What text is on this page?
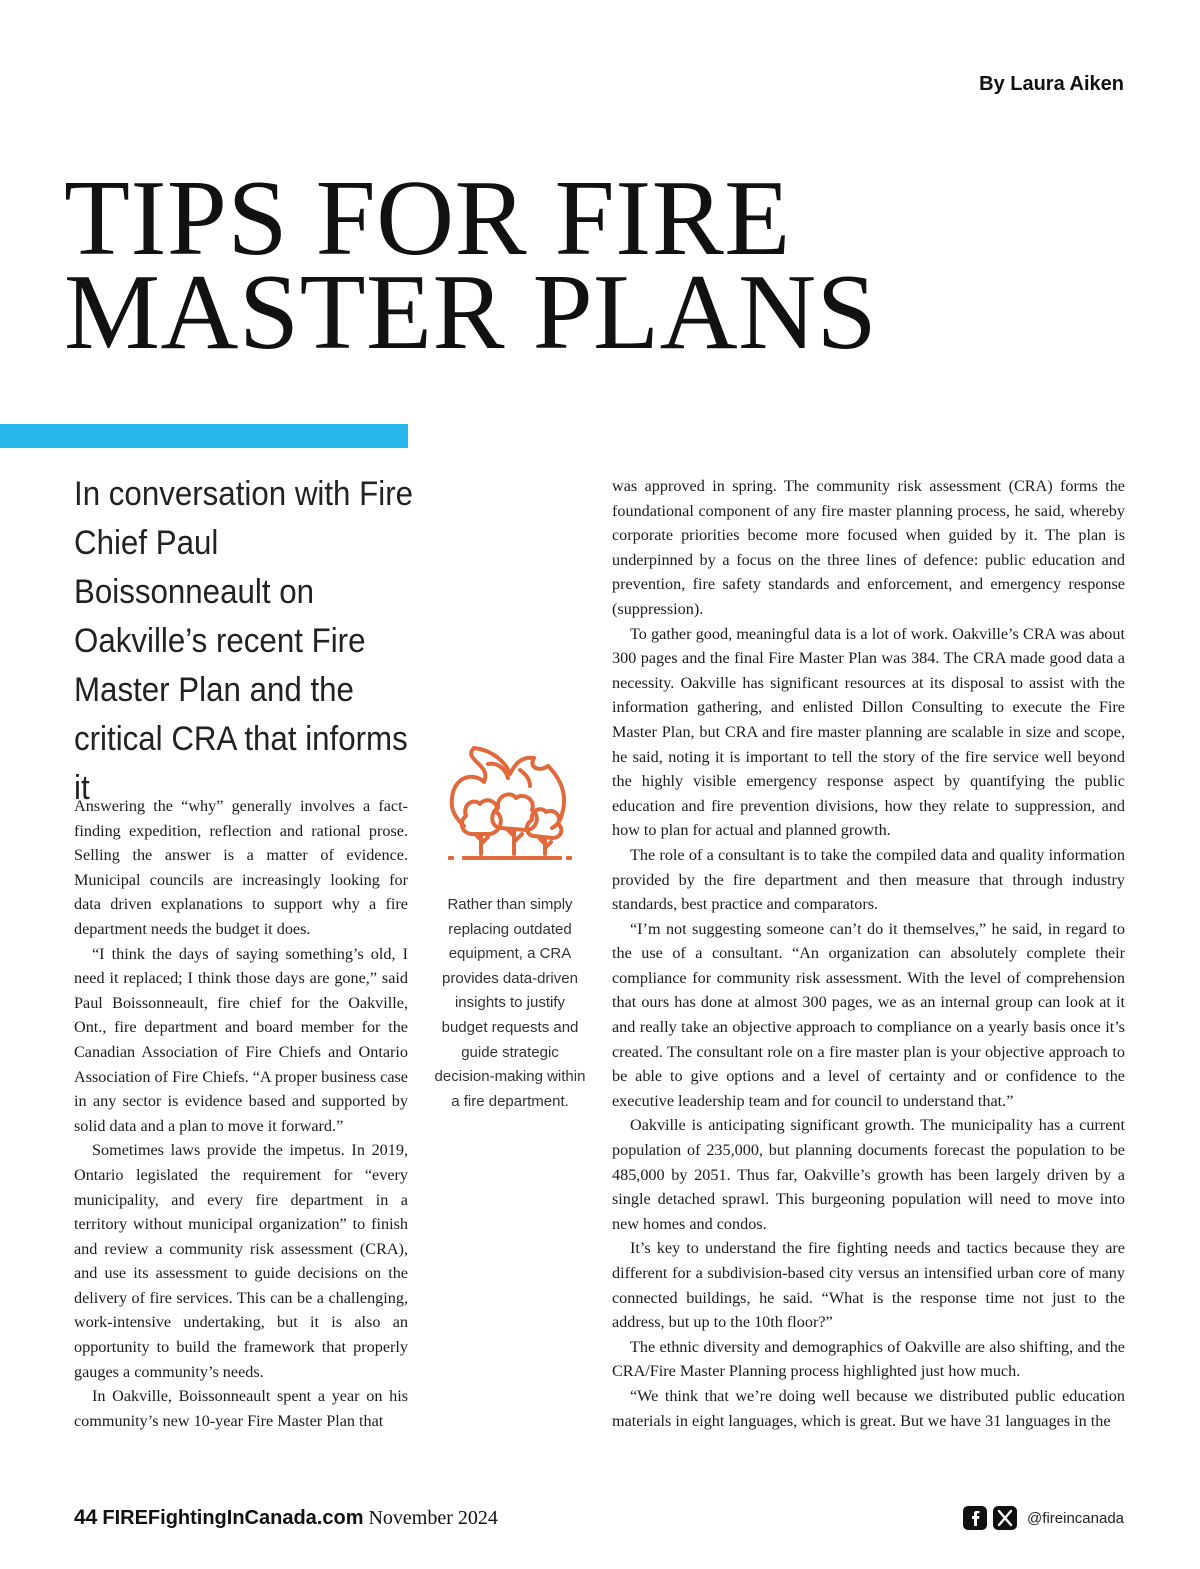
By Laura Aiken
TIPS FOR FIRE
MASTER PLANS
In conversation with Fire Chief Paul Boissonneault on Oakville’s recent Fire Master Plan and the critical CRA that informs it

Answering the “why” generally involves a fact-finding expedition, reflection and rational prose. Selling the answer is a matter of evidence. Municipal councils are increasingly looking for data driven explanations to support why a fire department needs the budget it does.

“I think the days of saying something’s old, I need it replaced; I think those days are gone,” said Paul Boissonneault, fire chief for the Oakville, Ont., fire department and board member for the Canadian Association of Fire Chiefs and Ontario Association of Fire Chiefs. “A proper business case in any sector is evidence based and supported by solid data and a plan to move it forward.”

Sometimes laws provide the impetus. In 2019, Ontario legislated the requirement for “every municipality, and every fire department in a territory without municipal organization” to finish and review a community risk assessment (CRA), and use its assessment to guide decisions on the delivery of fire services. This can be a challenging, work-intensive undertaking, but it is also an opportunity to build the framework that properly gauges a community’s needs.

In Oakville, Boissonneault spent a year on his community’s new 10-year Fire Master Plan that

Rather than simply replacing outdated equipment, a CRA provides data-driven insights to justify budget requests and guide strategic decision-making within a fire department.

was approved in spring. The community risk assessment (CRA) forms the foundational component of any fire master planning process, he said, whereby corporate priorities become more focused when guided by it. The plan is underpinned by a focus on the three lines of defence: public education and prevention, fire safety standards and enforcement, and emergency response (suppression).

To gather good, meaningful data is a lot of work. Oakville’s CRA was about 300 pages and the final Fire Master Plan was 384. The CRA made good data a necessity. Oakville has significant resources at its disposal to assist with the information gathering, and enlisted Dillon Consulting to execute the Fire Master Plan, but CRA and fire master planning are scalable in size and scope, he said, noting it is important to tell the story of the fire service well beyond the highly visible emergency response aspect by quantifying the public education and fire prevention divisions, how they relate to suppression, and how to plan for actual and planned growth.

The role of a consultant is to take the compiled data and quality information provided by the fire department and then measure that through industry standards, best practice and comparators.

“I’m not suggesting someone can’t do it themselves,” he said, in regard to the use of a consultant. “An organization can absolutely complete their compliance for community risk assessment. With the level of comprehension that ours has done at almost 300 pages, we as an internal group can look at it and really take an objective approach to compliance on a yearly basis once it’s created. The consultant role on a fire master plan is your objective approach to be able to give options and a level of certainty and or confidence to the executive leadership team and for council to understand that.”

Oakville is anticipating significant growth. The municipality has a current population of 235,000, but planning documents forecast the population to be 485,000 by 2051. Thus far, Oakville’s growth has been largely driven by a single detached sprawl. This burgeoning population will need to move into new homes and condos.

It’s key to understand the fire fighting needs and tactics because they are different for a subdivision-based city versus an intensified urban core of many connected buildings, he said. “What is the response time not just to the address, but up to the 10th floor?”

The ethnic diversity and demographics of Oakville are also shifting, and the CRA/Fire Master Planning process highlighted just how much.

“We think that we’re doing well because we distributed public education materials in eight languages, which is great. But we have 31 languages in the

44 FIREFightingInCanada.com November 2024	@fireincanada
